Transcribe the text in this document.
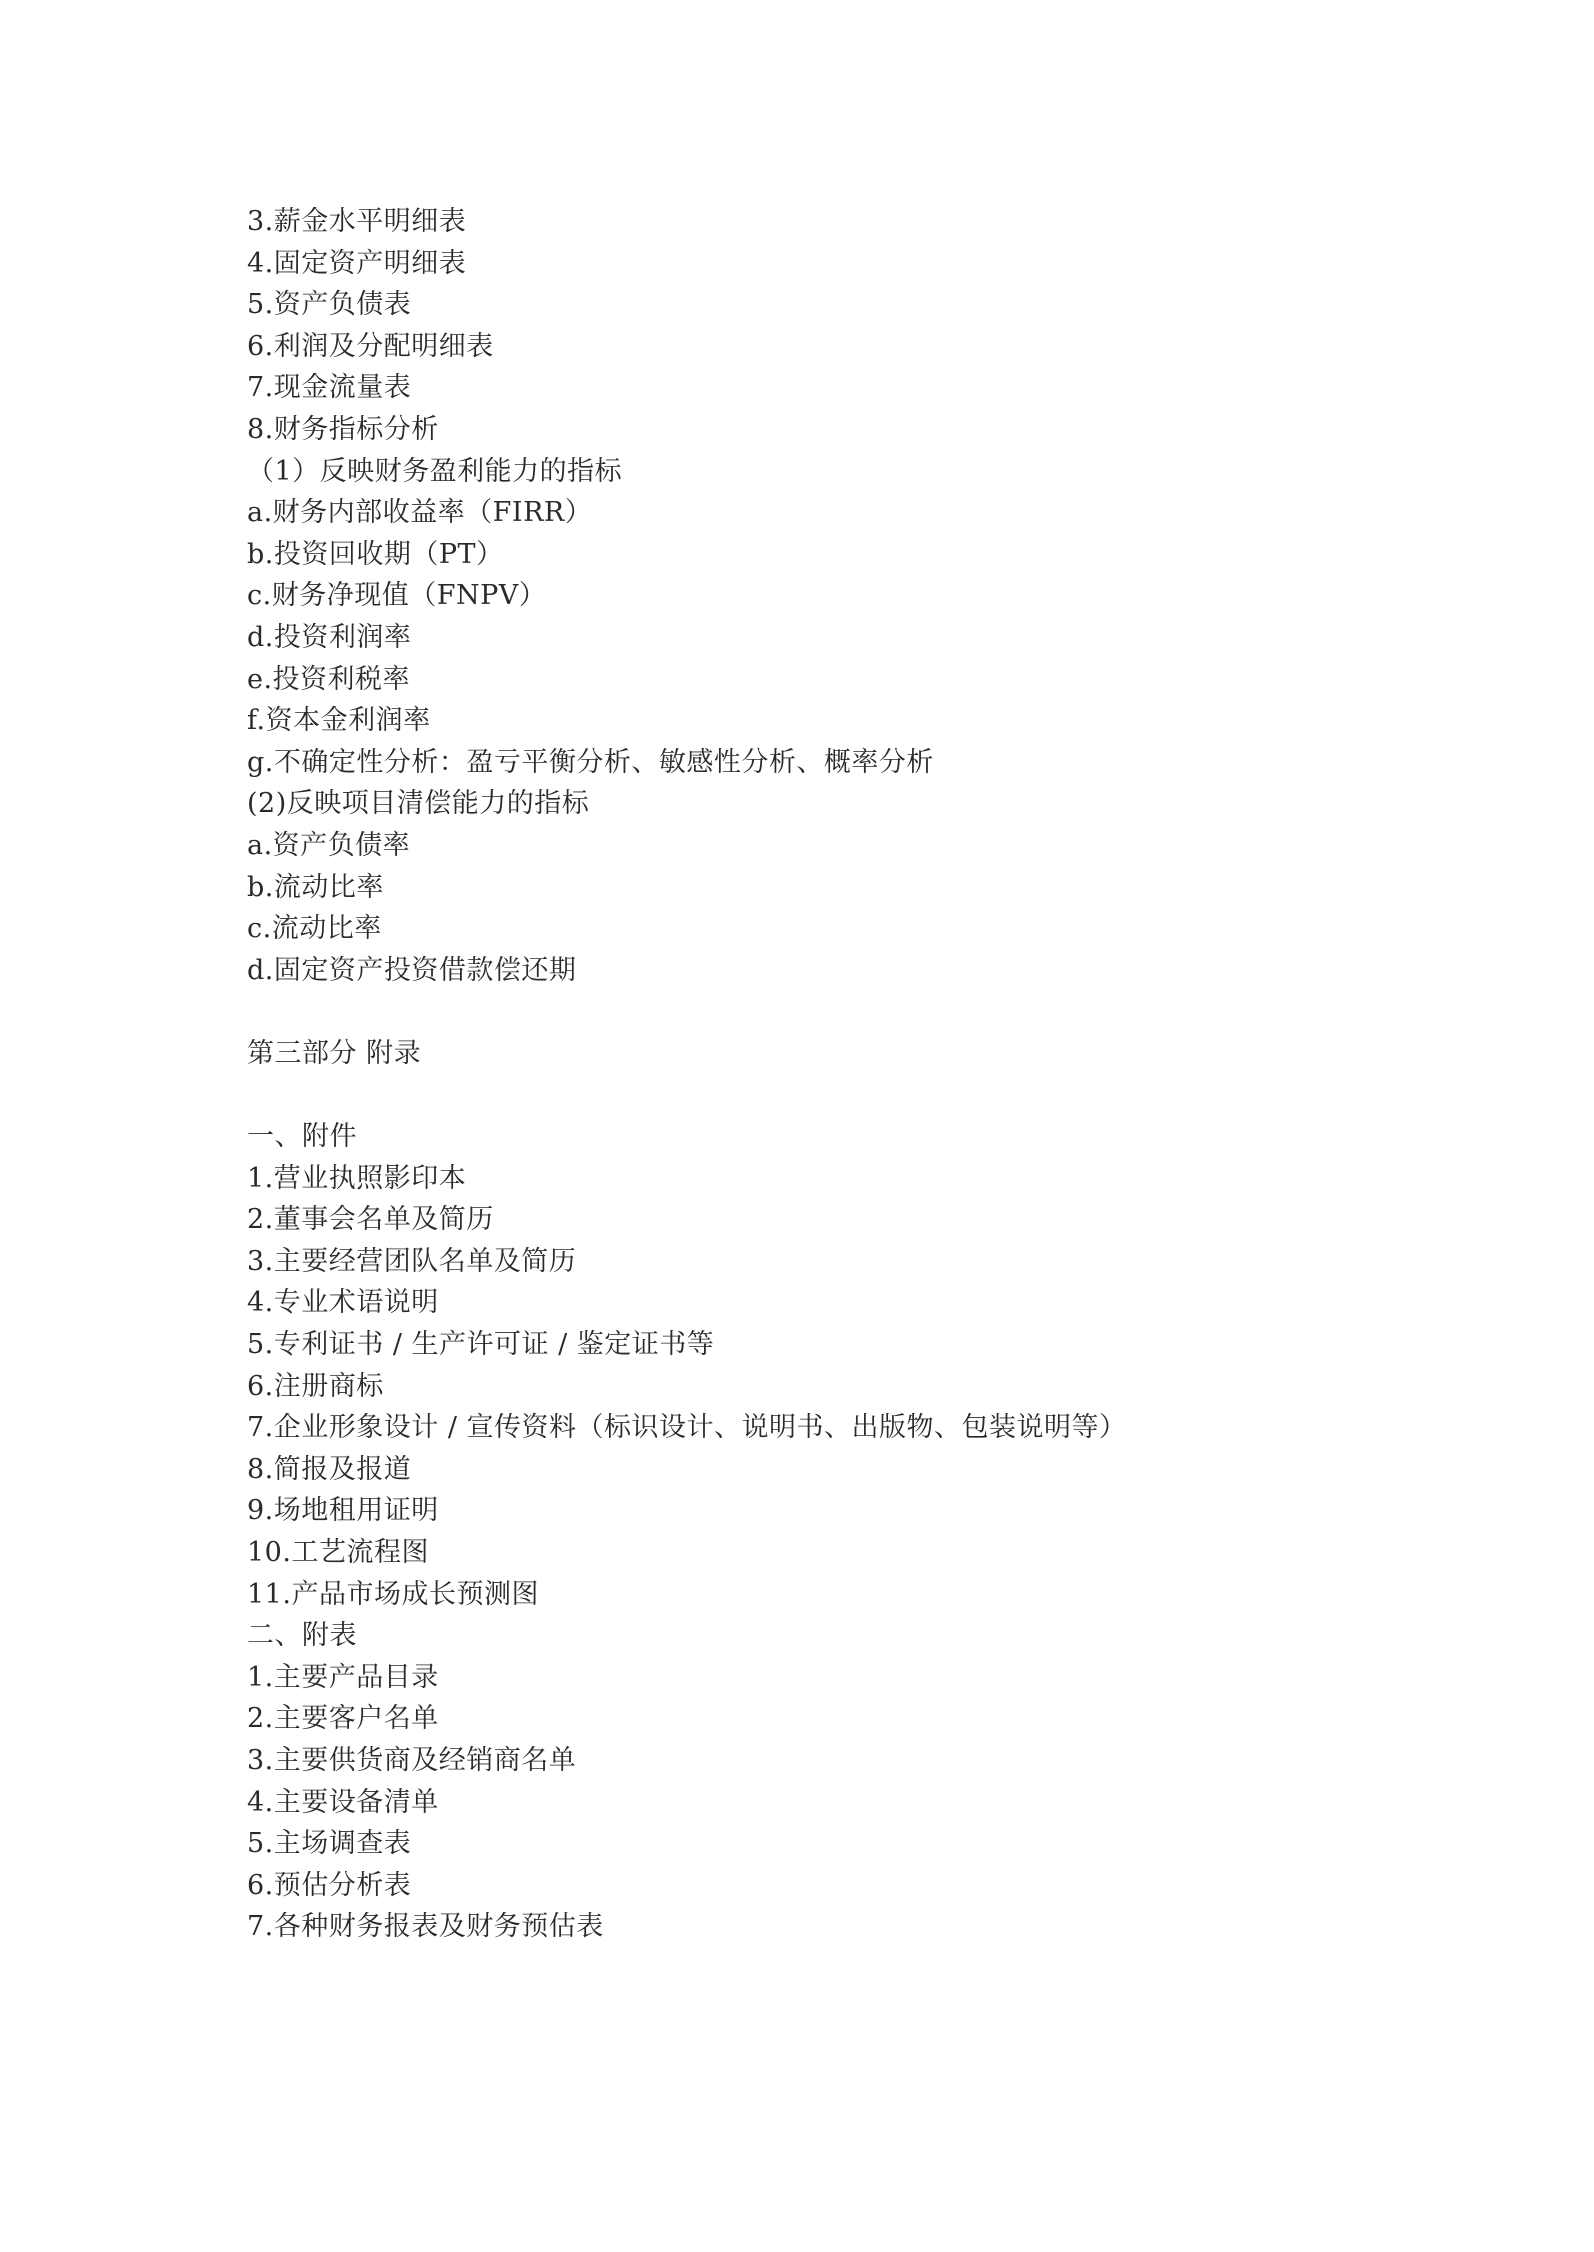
3.薪金水平明细表
4.固定资产明细表
5.资产负债表
6.利润及分配明细表
7.现金流量表
8.财务指标分析
（1）反映财务盈利能力的指标
a.财务内部收益率（FIRR）
b.投资回收期（PT）
c.财务净现值（FNPV）
d.投资利润率
e.投资利税率
f.资本金利润率
g.不确定性分析：盈亏平衡分析、敏感性分析、概率分析
(2)反映项目清偿能力的指标
a.资产负债率
b.流动比率
c.流动比率
d.固定资产投资借款偿还期
第三部分 附录
一、附件
1.营业执照影印本
2.董事会名单及简历
3.主要经营团队名单及简历
4.专业术语说明
5.专利证书 / 生产许可证 / 鉴定证书等
6.注册商标
7.企业形象设计 / 宣传资料（标识设计、说明书、出版物、包装说明等）
8.简报及报道
9.场地租用证明
10.工艺流程图
11.产品市场成长预测图
二、附表
1.主要产品目录
2.主要客户名单
3.主要供货商及经销商名单
4.主要设备清单
5.主场调查表
6.预估分析表
7.各种财务报表及财务预估表
